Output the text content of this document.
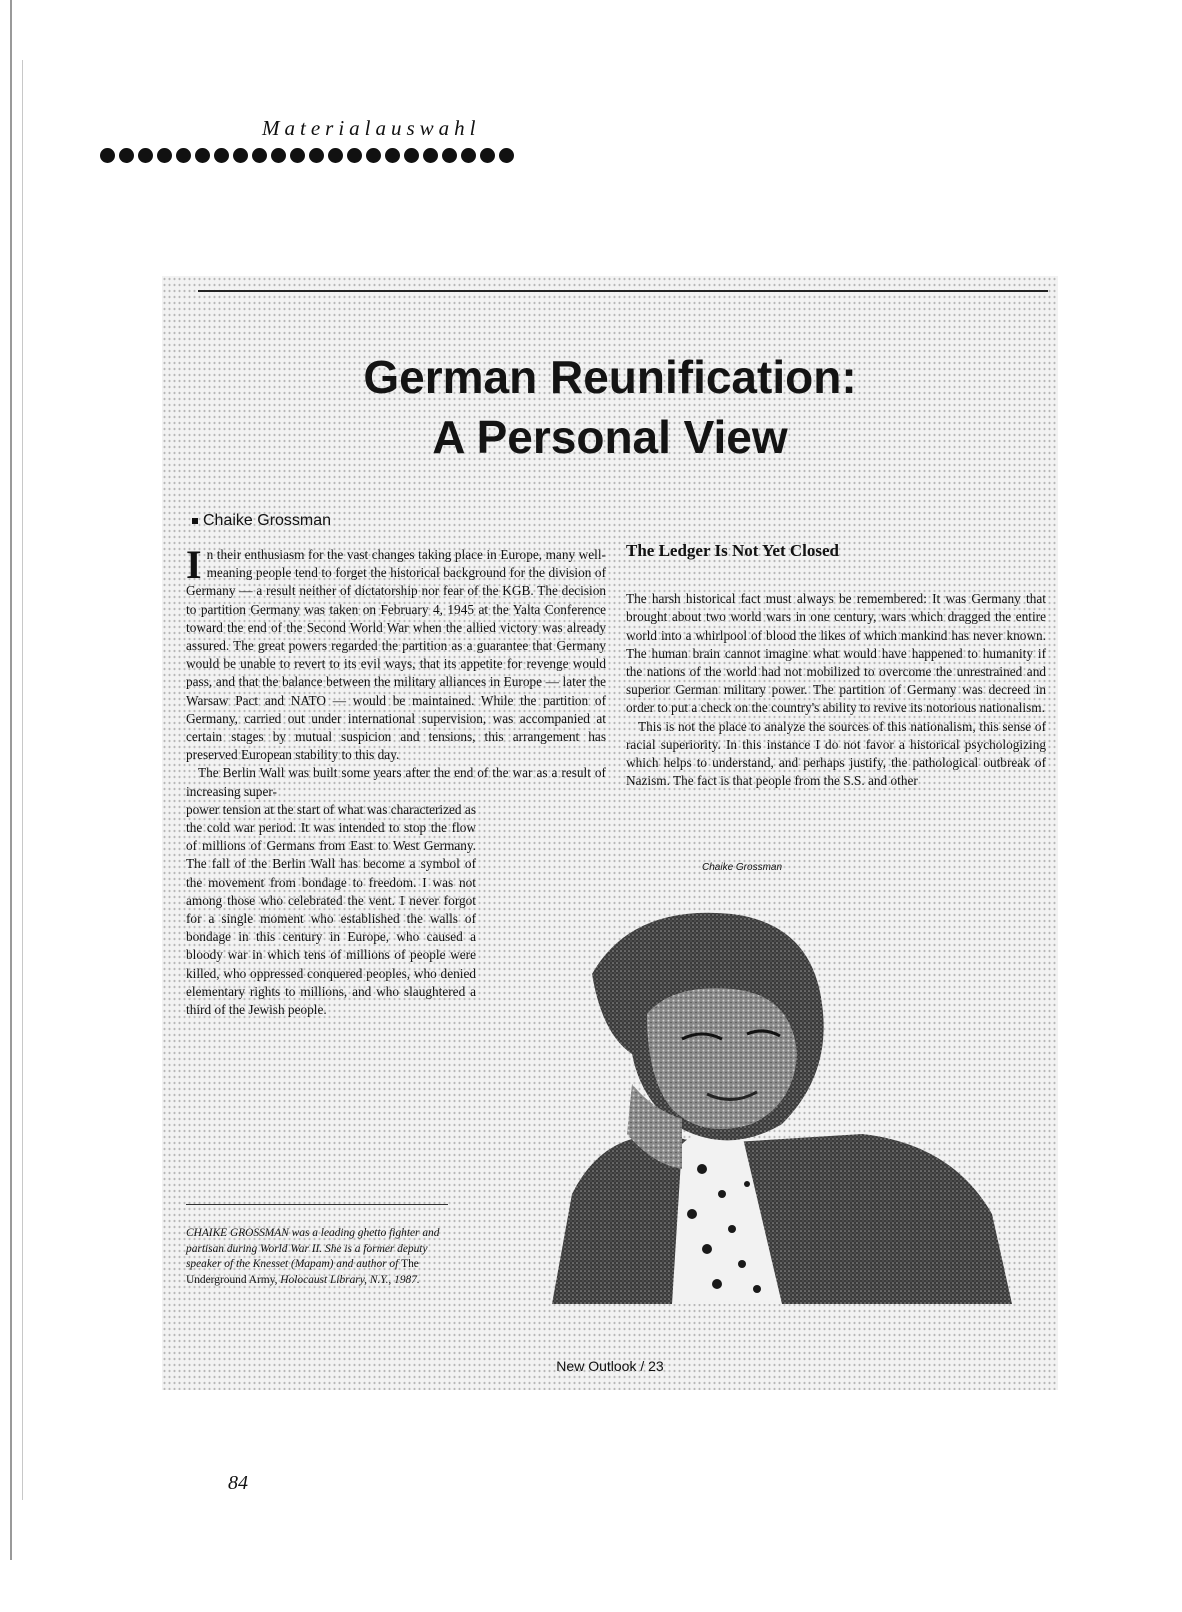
Materialauswahl
German Reunification:
A Personal View
Chaike Grossman

In their enthusiasm for the vast changes taking place in Europe, many well-meaning people tend to forget the historical background for the division of Germany — a result neither of dictatorship nor fear of the KGB. The decision to partition Germany was taken on February 4, 1945 at the Yalta Conference toward the end of the Second World War when the allied victory was already assured. The great powers regarded the partition as a guarantee that Germany would be unable to revert to its evil ways, that its appetite for revenge would pass, and that the balance between the military alliances in Europe — later the Warsaw Pact and NATO — would be maintained. While the partition of Germany, carried out under international supervision, was accompanied at certain stages by mutual suspicion and tensions, this arrangement has preserved European stability to this day.

The Berlin Wall was built some years after the end of the war as a result of increasing super-

power tension at the start of what was characterized as the cold war period. It was intended to stop the flow of millions of Germans from East to West Germany. The fall of the Berlin Wall has become a symbol of the movement from bondage to freedom. I was not among those who celebrated the vent. I never forgot for a single moment who established the walls of bondage in this century in Europe, who caused a bloody war in which tens of millions of people were killed, who oppressed conquered peoples, who denied elementary rights to millions, and who slaughtered a third of the Jewish people.

The Ledger Is Not Yet Closed

The harsh historical fact must always be remembered: It was Germany that brought about two world wars in one century, wars which dragged the entire world into a whirlpool of blood the likes of which mankind has never known. The human brain cannot imagine what would have happened to humanity if the nations of the world had not mobilized to overcome the unrestrained and superior German military power. The partition of Germany was decreed in order to put a check on the country's ability to revive its notorious nationalism.

This is not the place to analyze the sources of this nationalism, this sense of racial superiority. In this instance I do not favor a historical psychologizing which helps to understand, and perhaps justify, the pathological outbreak of Nazism. The fact is that people from the S.S. and other

Chaike Grossman
CHAIKE GROSSMAN was a leading ghetto fighter and partisan during World War II. She is a former deputy speaker of the Knesset (Mapam) and author of The Underground Army, Holocaust Library, N.Y., 1987.
New Outlook / 23
84
